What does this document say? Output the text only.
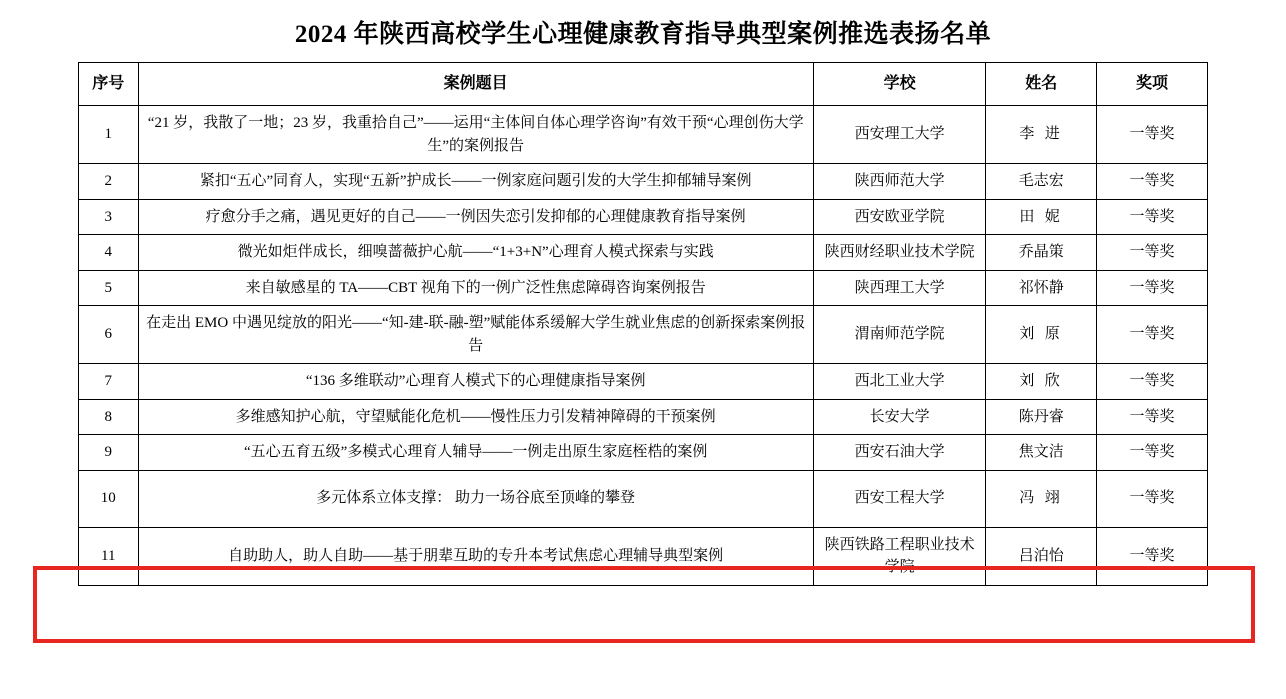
2024 年陕西高校学生心理健康教育指导典型案例推选表扬名单
序号	案例题目	学校	姓名	奖项
1	“21 岁，我散了一地；23 岁，我重拾自己”——运用“主体间自体心理学咨询”有效干预“心理创伤大学生”的案例报告	西安理工大学	李 进	一等奖
2	紧扣“五心”同育人，实现“五新”护成长——一例家庭问题引发的大学生抑郁辅导案例	陕西师范大学	毛志宏	一等奖
3	疗愈分手之痛，遇见更好的自己——一例因失恋引发抑郁的心理健康教育指导案例	西安欧亚学院	田 妮	一等奖
4	微光如炬伴成长，细嗅蔷薇护心航——“1+3+N”心理育人模式探索与实践	陕西财经职业技术学院	乔晶策	一等奖
5	来自敏感星的 TA——CBT 视角下的一例广泛性焦虑障碍咨询案例报告	陕西理工大学	祁怀静	一等奖
6	在走出 EMO 中遇见绽放的阳光——“知-建-联-融-塑”赋能体系缓解大学生就业焦虑的创新探索案例报告	渭南师范学院	刘 原	一等奖
7	“136 多维联动”心理育人模式下的心理健康指导案例	西北工业大学	刘 欣	一等奖
8	多维感知护心航，守望赋能化危机——慢性压力引发精神障碍的干预案例	长安大学	陈丹睿	一等奖
9	“五心五育五级”多模式心理育人辅导——一例走出原生家庭桎梏的案例	西安石油大学	焦文洁	一等奖
10	多元体系立体支撑： 助力一场谷底至顶峰的攀登	西安工程大学	冯 翊	一等奖
11	自助助人，助人自助——基于朋辈互助的专升本考试焦虑心理辅导典型案例	陕西铁路工程职业技术学院	吕泊怡	一等奖
